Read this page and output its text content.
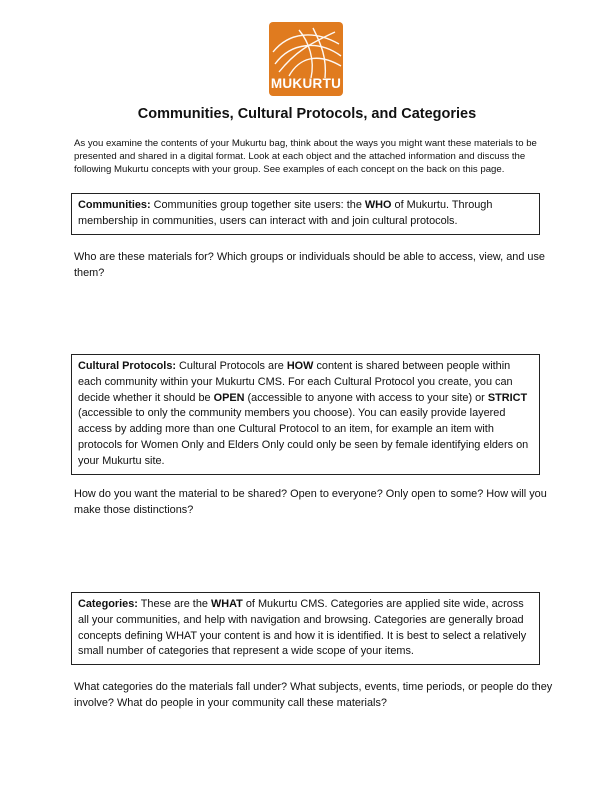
MUKURTU
Communities, Cultural Protocols, and Categories
As you examine the contents of your Mukurtu bag, think about the ways you might want these materials to be presented and shared in a digital format. Look at each object and the attached information and discuss the following Mukurtu concepts with your group. See examples of each concept on the back on this page.
Communities: Communities group together site users: the WHO of Mukurtu. Through membership in communities, users can interact with and join cultural protocols.
Who are these materials for? Which groups or individuals should be able to access, view, and use them?
Cultural Protocols: Cultural Protocols are HOW content is shared between people within each community within your Mukurtu CMS. For each Cultural Protocol you create, you can decide whether it should be OPEN (accessible to anyone with access to your site) or STRICT (accessible to only the community members you choose). You can easily provide layered access by adding more than one Cultural Protocol to an item, for example an item with protocols for Women Only and Elders Only could only be seen by female identifying elders on your Mukurtu site.
How do you want the material to be shared? Open to everyone? Only open to some? How will you make those distinctions?
Categories: These are the WHAT of Mukurtu CMS. Categories are applied site wide, across all your communities, and help with navigation and browsing. Categories are generally broad concepts defining WHAT your content is and how it is identified. It is best to select a relatively small number of categories that represent a wide scope of your items.
What categories do the materials fall under? What subjects, events, time periods, or people do they involve? What do people in your community call these materials?
